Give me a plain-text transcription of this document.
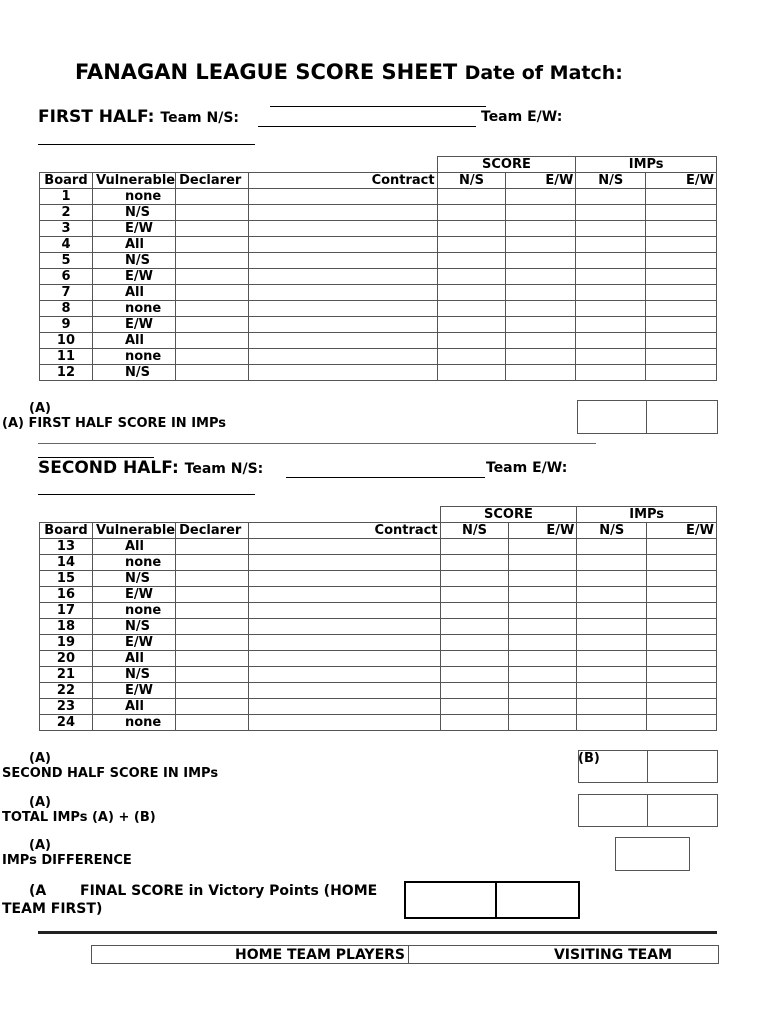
FANAGAN LEAGUE SCORE SHEET Date of Match:
FIRST HALF: Team N/S:	Team E/W:
				SCORE		IMPs	
Board	Vulnerable	Declarer	Contract	N/S	E/W	N/S	E/W
1	none						
2	N/S						
3	E/W						
4	All						
5	N/S						
6	E/W						
7	All						
8	none						
9	E/W						
10	All						
11	none						
12	N/S						
(A)
(A) FIRST HALF SCORE IN IMPs
SECOND HALF: Team N/S:	Team E/W:
				SCORE		IMPs	
Board	Vulnerable	Declarer	Contract	N/S	E/W	N/S	E/W
13	All						
14	none						
15	N/S						
16	E/W						
17	none						
18	N/S						
19	E/W						
20	All						
21	N/S						
22	E/W						
23	All						
24	none						
(A)
SECOND HALF SCORE IN IMPs
(B)
(A)
TOTAL IMPs (A) + (B)
(A)
IMPs DIFFERENCE
(A FINAL SCORE in Victory Points (HOME
TEAM FIRST)
HOME TEAM PLAYERS	VISITING TEAM
